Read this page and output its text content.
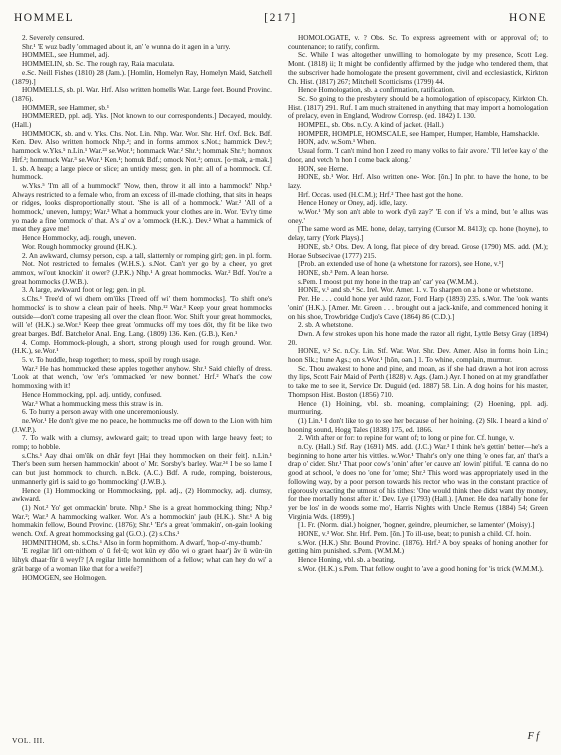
HOMMEL	[217]	HONE

2. Severely censured.

Shr.¹ 'E wuz badly 'ommaged about it, an' 'e wunna do it agen in a 'urry.

HOMMEL, see Hummel, adj.

HOMMELIN, sb. Sc. The rough ray, Raia maculata.

e.Sc. Neill Fishes (1810) 28 (Jam.). [Homlin, Homelyn Ray, Homelyn Maid, Satchell (1879).]

HOMMELLS, sb. pl. War. Hrf. Also written homells War. Large feet. Bound Provinc. (1876).

HOMMER, see Hammer, sb.¹

HOMMERED, ppl. adj. Yks. [Not known to our correspondents.] Decayed, mouldy. (Hall.)

HOMMOCK, sb. and v. Yks. Chs. Not. Lin. Nhp. War. Wor. Shr. Hrf. Oxf. Bck. Bdf. Ken. Dev. Also written homock Nhp.²; and in forms ammox s.Not.; hammick Dev.²; hammock w.Yks.⁵ n.Lin.¹ War.²³ se.Wor.¹; hommack War.² Shr.¹; hommak Shr.¹; homnox Hrf.²; hommuck War.³ se.Wor.¹ Ken.¹; homuk Bdf.; omock Not.²; omux. [o·mək, a·mək.] 1. sb. A heap; a large piece or slice; an untidy mess; gen. in phr. all of a hommock. Cf. hummock.

w.Yks.⁵ 'I'm all of a hummock!' 'Now, then, throw it all into a hammock!' Nhp.¹ Always restricted to a female who, from an excess of ill-made clothing, that sits in heaps or ridges, looks disproportionally stout. 'She is all of a hommock.' War.² 'All of a hommock,' uneven, lumpy; War.³ What a hommuck your clothes are in. Wor. 'Ev'ry time yo made a fine 'ommock o' that. A's a' ov a 'ommock (H.K.). Dev.² What a hammick of meat they gave me!

Hence Hommocky, adj. rough, uneven.

Wor. Rough hommocky ground (H.K.).

2. An awkward, clumsy person, csp. a tall, slatternly or romping girl; gen. in pl. form.

Not. Not restricted to females (W.H.S.). s.Not. Can't yer go by a cheer, yo gret ammox, wi'out knockin' it ower? (J.P.K.) Nhp.¹ A great hommocks. War.² Bdf. You're a great hommocks (J.W.B.).

3. A large, awkward foot or leg; gen. in pl.

s.Chs.¹ Tree'd of wi dhem om'ūks [Treed off wi' them hommocks]. 'To shift one's hommocks' is to show a clean pair of heels. Nhp.¹² War.³ Keep your great hommocks outside—don't come trapesing all over the clean floor. Wor. Shift your great hommocks, will 'e! (H.K.) se.Wor.¹ Keep thee great 'ommucks off my toes döt, thy fit be like two great barges. Bdf. Batchelor Anal. Eng. Lang. (1809) 136. Ken. (G.B.), Ken.¹

4. Comp. Hommock-plough, a short, strong plough used for rough ground. Wor. (H.K.), se.Wor.¹

5. v. To huddle, heap together; to mess, spoil by rough usage.

War.² He has hommucked these apples together anyhow. Shr.¹ Said chiefly of dress. 'Look at that wench, 'ow 'er's 'ommacked 'er new bonnet.' Hrf.² What's the cow hommoxing with it!

Hence Hommocking, ppl. adj. untidy, confused.

War.³ What a hommucking mess this straw is in.

6. To hurry a person away with one unceremoniously.

ne.Wor.¹ He don't give me no peace, he hommucks me off down to the Lion with him (J.W.P.).

7. To walk with a clumsy, awkward gait; to tread upon with large heavy feet; to romp; to hobble.

s.Chs.¹ Aay dhai om'ūk on dhār feyt [Hai they hommocken on their feit]. n.Lin.¹ Ther's been sum hersen hammockin' aboot o' Mr. Sorsby's barley. War.²⁴ I be so lame I can but just hommock to church. n.Bck. (A.C.) Bdf. A rude, romping, boisterous, unmannerly girl is said to go 'hommocking' (J.W.B.).

Hence (1) Hommocking or Hommocksing, ppl. adj., (2) Hommocky, adj. clumsy, awkward.

(1) Not.² Yo' get ommackin' brute. Nhp.¹ She is a great hommocking thing; Nhp.² War.²; War.³ A hammocking walker. Wor. A's a hommockin' jaub (H.K.). Shr.¹ A big hommakin fellow, Bound Provinc. (1876); Shr.¹ 'Er's a great 'ommakin', on-gain looking wench. Oxf. A great hommocksing gal (G.O.). (2) s.Chs.¹

HOMNITHOM, sb. s.Chs.¹ Also in form hopmithom. A dwarf, 'hop-o'-my-thumb.'

'E regilar lit'l om·nithom o' ū fel·ū; wot kün ey dōo wi o graet haar'j āv ū wün·ün lühyk dhaat·fūr ū weyf? [A regilar little homnithom of a fellow; what can hey do wi' a grät barge of a woman like that for a weife?]

HOMOGEN, see Holmogen.

HOMOLOGATE, v. ? Obs. Sc. To express agreement with or approval of; to countenance; to ratify, confirm.

Sc. While I was altogether unwilling to homologate by my presence, Scott Leg. Mont. (1818) ii; It might be confidently affirmed by the judge who tendered them, that the subscriver hade homologate the present government, civil and ecclesiastick, Kirkton Ch. Hist. (1817) 267; Mitchell Scotticisms (1799) 44.

Hence Homologation, sb. a confirmation, ratification.

Sc. So going to the presbytery should be a homologation of episcopacy, Kirkton Ch. Hist. (1817) 291. Ruf. I am much straitened in anything that may import a homologation of prelacy, even in England, Wodrow Corresp. (ed. 1842) I. 130.

HOMPEL, sb. Obs. n.Cy. A kind of jacket. (Hall.)

HOMPER, HOMPLE, HOMSCALE, see Hamper, Humper, Hamble, Hamshackle.

HON, adv. w.Som.¹ When.

Usual form. 'I can't mind hon I zeed ro many volks to fair avore.' 'I'll let'ee kay o' the door, and vetch 'n hon I come back along.'

HON, see Herne.

HONE, sb.¹ Wor. Hrf. Also written one- Wor. [ōn.] In phr. to have the hone, to be lazy.

Hrf. Occas. used (H.C.M.); Hrf.² Thee hast got the hone.

Hence Honey or Oney, adj. idle, lazy.

w.Wor.¹ 'My son an't able to work d'yū zay?' 'E con if 'e's a mind, but 'e allus was oney.'

[The same word as ME. hone, delay, tarrying (Cursor M. 8413); cp. hone (hoyne), to delay, tarry (York Plays).]

HONE, sb.² Obs. Dev. A long, flat piece of dry bread. Grose (1790) MS. add. (M.); Horae Subsecivae (1777) 215.

[Prob. an extended use of hone (a whetstone for razors), see Hone, v.¹]

HONE, sb.³ Pem. A lean horse.

s.Pem. I moost put my hone in the trap an' car' yea (W.M.M.).

HONE, v.¹ and sb.⁴ Sc. Irel. Wor. Amer. 1. v. To sharpen on a hone or whetstone.

Per. He . . . could hone yer auld razor, Ford Harp (1893) 235. s.Wor. The 'ook wants 'onin' (H.K.). [Amer. Mr. Green . . . brought out a jack-knife, and commenced honing it on his shoe, Trowbridge Cudjo's Cave (1864) 86 (C.D.).]

2. sb. A whetstone.

Dwn. A few strokes upon his hone made the razor all right, Lyttle Betsy Gray (1894) 20.

HONE, v.² Sc. n.Cy. Lin. Stf. War. Wor. Shr. Dev. Amer. Also in forms hoin Lin.; hoon Slk.; hune Ags.; on s.Wor.¹ [hōn, oən.] 1. To whine, complain, murmur.

Sc. Thou awakest to hone and pine, and moan, as if she had drawn a hot iron across thy lips, Scott Fair Maid of Perth (1828) v. Ags. (Jam.) Ayr. I honed on at my grandfather to take me to see it, Service Dr. Duguid (ed. 1887) 58. Lin. A dog hoins for his master, Thompson Hist. Boston (1856) 710.

Hence (1) Hoining, vbl. sb. moaning, complaining; (2) Hoening, ppl. adj. murmuring.

(1) Lin.¹ I don't like to go to see her because of her hoining. (2) Slk. I heard a kind o' hooning sound, Hogg Tales (1838) 175, ed. 1866.

2. With after or for: to repine for want of; to long or pine for. Cf. hunge, v.

n.Cy. (Hall.) Stf. Ray (1691) MS. add. (J.C.) War.³ I think he's gettin' better—he's a beginning to hone arter his vittles. w.Wor.¹ Thahr's on'y one thing 'e ones far, an' that's a drap o' cider. Shr.¹ That poor cow's 'onin' after 'er cauve an' lowin' pitiful. 'E canna do no good at school, 'e does no 'one for 'ome; Shr.² This word was appropriately used in the following way, by a poor person towards his rector who was in the constant practice of rigorously exacting the utmost of his tithes: 'One would think thee didst want thy money, for thee mortally honst after it.' Dev. Lye (1793) (Hall.). [Amer. He dea nat'ally hone fer yer be los' in de woods some mo', Harris Nights with Uncle Remus (1884) 54; Green Virginia Wds. (1899).]

[1. Fr. (Norm. dial.) hoigner, 'hogner, geindre, pleurnicher, se lamenter' (Moisy).]

HONE, v.³ Wor. Shr. Hrf. Pem. [ōn.] To ill-use, beat; to punish a child. Cf. hoin.

s.Wor. (H.K.) Shr. Bound Provinc. (1876). Hrf.² A boy speaks of honing another for getting him punished. s.Pem. (W.M.M.)

Hence Honing, vbl. sb. a beating.

s.Wor. (H.K.) s.Pem. That fellow ought to 'ave a good honing for 'is trick (W.M.M.).

VOL. III.	F f
